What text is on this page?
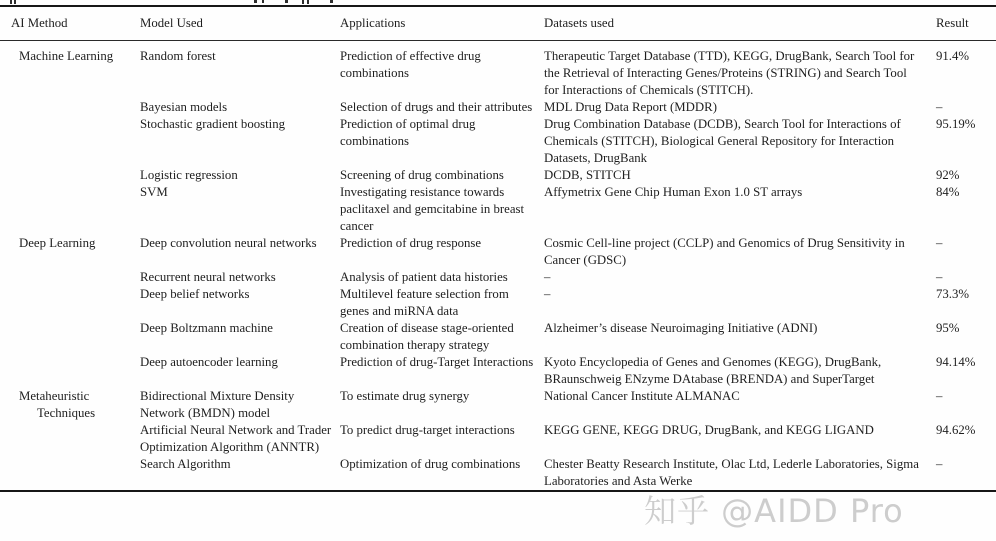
AI Method	Model Used	Applications	Datasets used	Result
Machine Learning	Random forest	Prediction of effective drug combinations	Therapeutic Target Database (TTD), KEGG, DrugBank, Search Tool for the Retrieval of Interacting Genes/Proteins (STRING) and Search Tool for Interactions of Chemicals (STITCH).	91.4%
	Bayesian models	Selection of drugs and their attributes	MDL Drug Data Report (MDDR)	–
	Stochastic gradient boosting	Prediction of optimal drug combinations	Drug Combination Database (DCDB), Search Tool for Interactions of Chemicals (STITCH), Biological General Repository for Interaction Datasets, DrugBank	95.19%
	Logistic regression	Screening of drug combinations	DCDB, STITCH	92%
	SVM	Investigating resistance towards paclitaxel and gemcitabine in breast cancer	Affymetrix Gene Chip Human Exon 1.0 ST arrays	84%
Deep Learning	Deep convolution neural networks	Prediction of drug response	Cosmic Cell-line project (CCLP) and Genomics of Drug Sensitivity in Cancer (GDSC)	–
	Recurrent neural networks	Analysis of patient data histories	–	–
	Deep belief networks	Multilevel feature selection from genes and miRNA data	–	73.3%
	Deep Boltzmann machine	Creation of disease stage-oriented combination therapy strategy	Alzheimer’s disease Neuroimaging Initiative (ADNI)	95%
	Deep autoencoder learning	Prediction of drug-Target Interactions	Kyoto Encyclopedia of Genes and Genomes (KEGG), DrugBank, BRaunschweig ENzyme DAtabase (BRENDA) and SuperTarget	94.14%
Metaheuristic Techniques	Bidirectional Mixture Density Network (BMDN) model	To estimate drug synergy	National Cancer Institute ALMANAC	–
	Artificial Neural Network and Trader Optimization Algorithm (ANNTR)	To predict drug-target interactions	KEGG GENE, KEGG DRUG, DrugBank, and KEGG LIGAND	94.62%
	Search Algorithm	Optimization of drug combinations	Chester Beatty Research Institute, Olac Ltd, Lederle Laboratories, Sigma Laboratories and Asta Werke	–
知乎 @AIDD Pro
